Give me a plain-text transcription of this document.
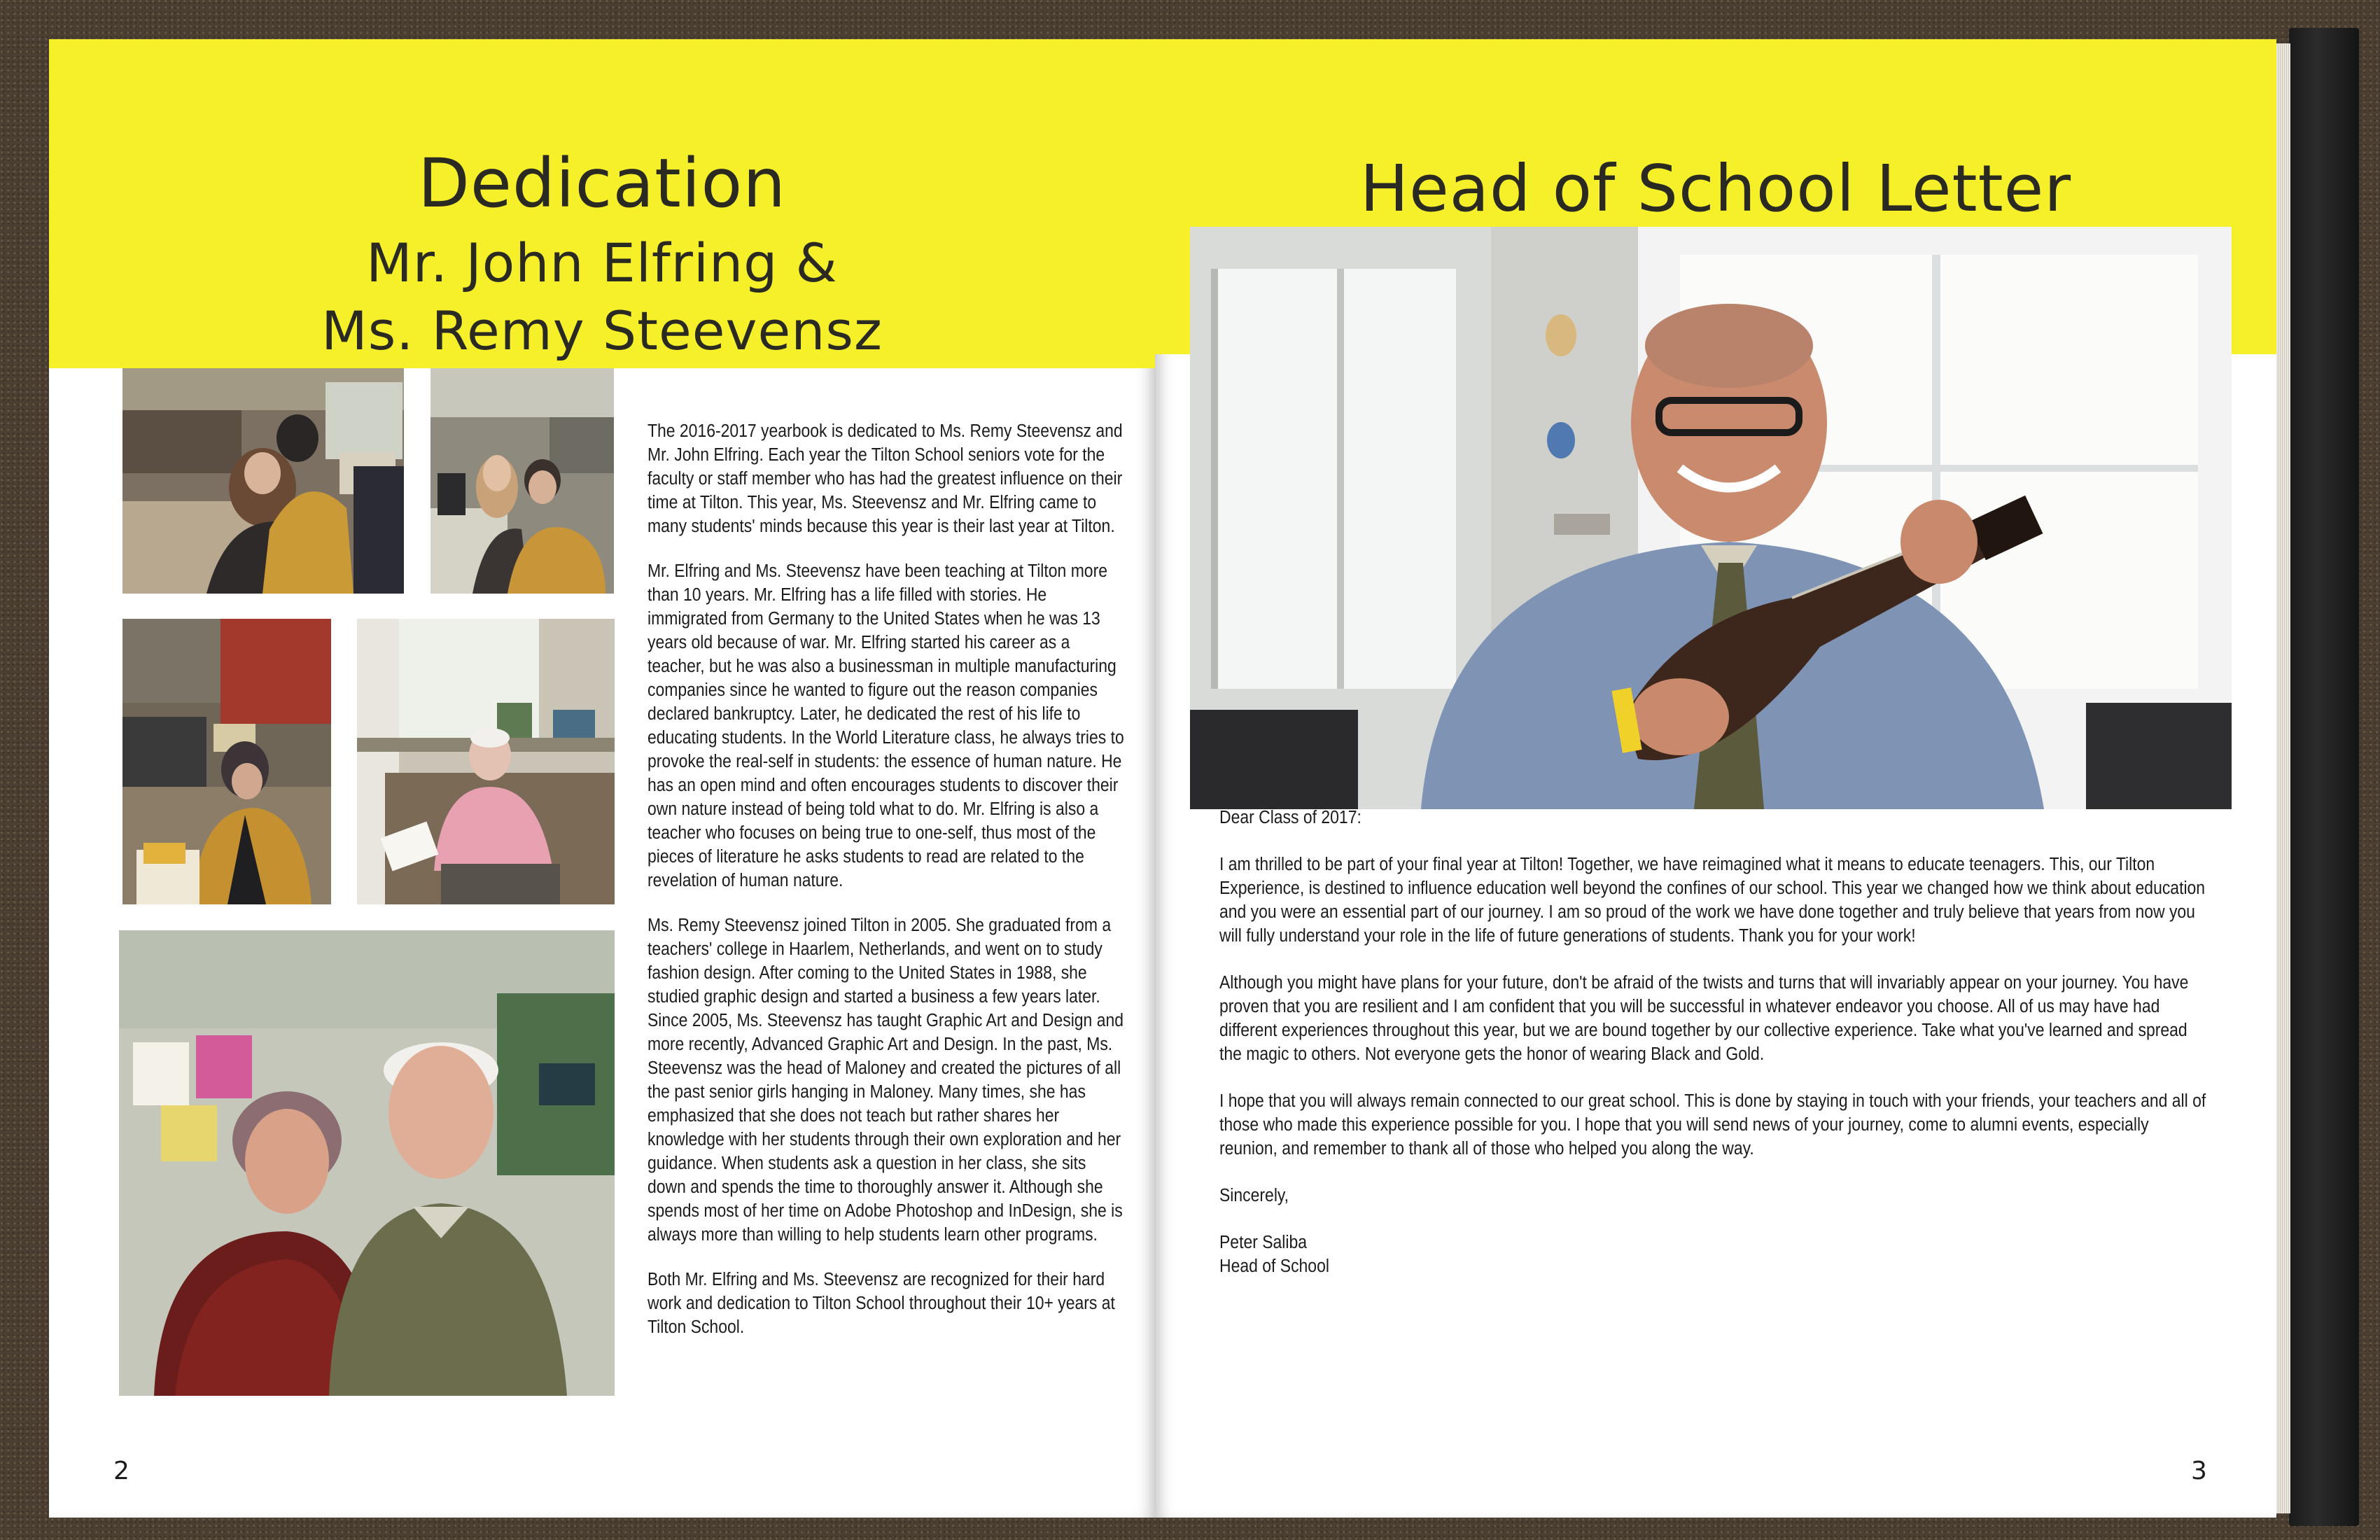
Dedication
Mr. John Elfring &
Ms. Remy Steevensz

The 2016-2017 yearbook is dedicated to Ms. Remy Steevensz and Mr. John Elfring. Each year the Tilton School seniors vote for the faculty or staff member who has had the greatest influence on their time at Tilton. This year, Ms. Steevensz and Mr. Elfring came to many students' minds because this year is their last year at Tilton.

Mr. Elfring and Ms. Steevensz have been teaching at Tilton more than 10 years. Mr. Elfring has a life filled with stories. He immigrated from Germany to the United States when he was 13 years old because of war. Mr. Elfring started his career as a teacher, but he was also a businessman in multiple manufacturing companies since he wanted to figure out the reason companies declared bankruptcy. Later, he dedicated the rest of his life to educating students. In the World Literature class, he always tries to provoke the real-self in students: the essence of human nature. He has an open mind and often encourages students to discover their own nature instead of being told what to do. Mr. Elfring is also a teacher who focuses on being true to one-self, thus most of the pieces of literature he asks students to read are related to the revelation of human nature.

Ms. Remy Steevensz joined Tilton in 2005. She graduated from a teachers' college in Haarlem, Netherlands, and went on to study fashion design. After coming to the United States in 1988, she studied graphic design and started a business a few years later. Since 2005, Ms. Steevensz has taught Graphic Art and Design and more recently, Advanced Graphic Art and Design. In the past, Ms. Steevensz was the head of Maloney and created the pictures of all the past senior girls hanging in Maloney. Many times, she has emphasized that she does not teach but rather shares her knowledge with her students through their own exploration and her guidance. When students ask a question in her class, she sits down and spends the time to thoroughly answer it. Although she spends most of her time on Adobe Photoshop and InDesign, she is always more than willing to help students learn other programs.

Both Mr. Elfring and Ms. Steevensz are recognized for their hard work and dedication to Tilton School throughout their 10+ years at Tilton School.

2
Head of School Letter

Dear Class of 2017:

I am thrilled to be part of your final year at Tilton! Together, we have reimagined what it means to educate teenagers. This, our Tilton Experience, is destined to influence education well beyond the confines of our school. This year we changed how we think about education and you were an essential part of our journey. I am so proud of the work we have done together and truly believe that years from now you will fully understand your role in the life of future generations of students. Thank you for your work!

Although you might have plans for your future, don't be afraid of the twists and turns that will invariably appear on your journey. You have proven that you are resilient and I am confident that you will be successful in whatever endeavor you choose. All of us may have had different experiences throughout this year, but we are bound together by our collective experience. Take what you've learned and spread the magic to others. Not everyone gets the honor of wearing Black and Gold.

I hope that you will always remain connected to our great school. This is done by staying in touch with your friends, your teachers and all of those who made this experience possible for you. I hope that you will send news of your journey, come to alumni events, especially reunion, and remember to thank all of those who helped you along the way.

Sincerely,

Peter Saliba

Head of School

3
